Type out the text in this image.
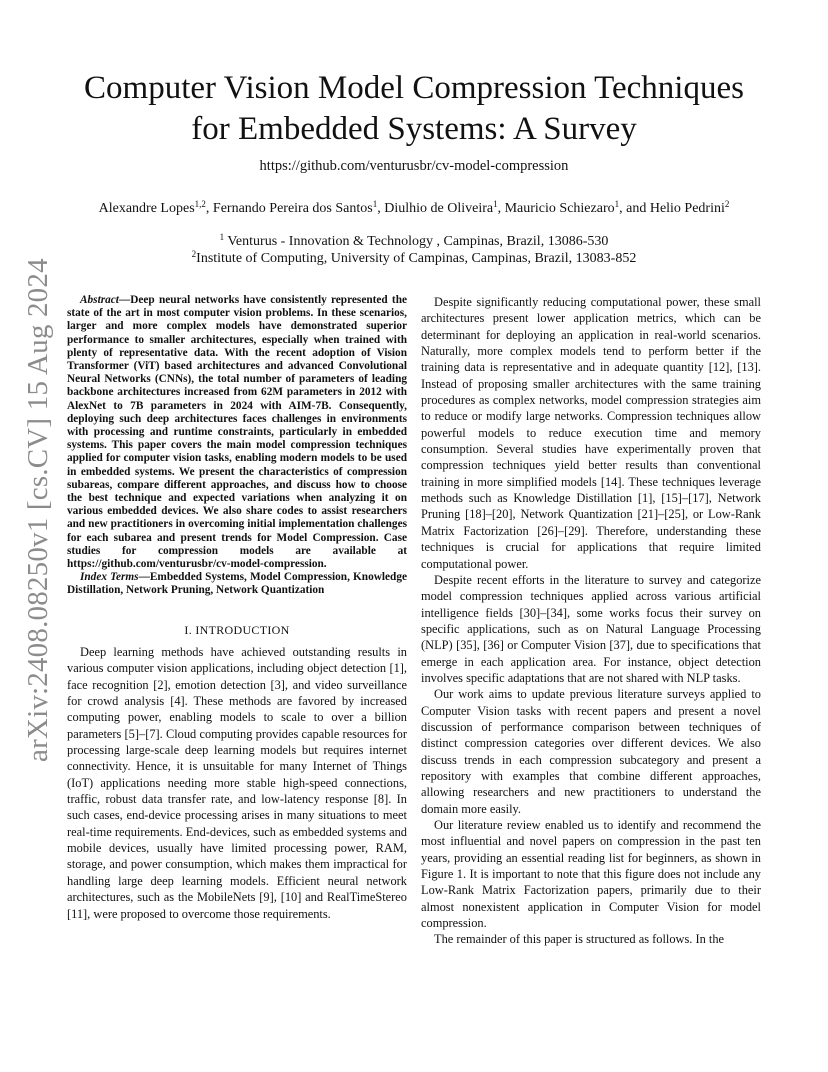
arXiv:2408.08250v1 [cs.CV] 15 Aug 2024
Computer Vision Model Compression Techniques
for Embedded Systems: A Survey
https://github.com/venturusbr/cv-model-compression
Alexandre Lopes$^{1,2}$, Fernando Pereira dos Santos$^1$, Diulhio de Oliveira$^1$, Mauricio Schiezaro$^1$, and Helio Pedrini$^2$
$^1$ Venturus - Innovation & Technology , Campinas, Brazil, 13086-530
$^2$Institute of Computing, University of Campinas, Campinas, Brazil, 13083-852

Abstract—Deep neural networks have consistently represented the state of the art in most computer vision problems. In these scenarios, larger and more complex models have demonstrated superior performance to smaller architectures, especially when trained with plenty of representative data. With the recent adoption of Vision Transformer (ViT) based architectures and advanced Convolutional Neural Networks (CNNs), the total number of parameters of leading backbone architectures increased from 62M parameters in 2012 with AlexNet to 7B parameters in 2024 with AIM-7B. Consequently, deploying such deep architectures faces challenges in environments with processing and runtime constraints, particularly in embedded systems. This paper covers the main model compression techniques applied for computer vision tasks, enabling modern models to be used in embedded systems. We present the characteristics of compression subareas, compare different approaches, and discuss how to choose the best technique and expected variations when analyzing it on various embedded devices. We also share codes to assist researchers and new practitioners in overcoming initial implementation challenges for each subarea and present trends for Model Compression. Case studies for compression models are available at https://github.com/venturusbr/cv-model-compression.

Index Terms—Embedded Systems, Model Compression, Knowledge Distillation, Network Pruning, Network Quantization

I. INTRODUCTION

Deep learning methods have achieved outstanding results in various computer vision applications, including object detection [1], face recognition [2], emotion detection [3], and video surveillance for crowd analysis [4]. These methods are favored by increased computing power, enabling models to scale to over a billion parameters [5]–[7]. Cloud computing provides capable resources for processing large-scale deep learning models but requires internet connectivity. Hence, it is unsuitable for many Internet of Things (IoT) applications needing more stable high-speed connections, traffic, robust data transfer rate, and low-latency response [8]. In such cases, end-device processing arises in many situations to meet real-time requirements. End-devices, such as embedded systems and mobile devices, usually have limited processing power, RAM, storage, and power consumption, which makes them impractical for handling large deep learning models. Efficient neural network architectures, such as the MobileNets [9], [10] and RealTimeStereo [11], were proposed to overcome those requirements.

Despite significantly reducing computational power, these small architectures present lower application metrics, which can be determinant for deploying an application in real-world scenarios. Naturally, more complex models tend to perform better if the training data is representative and in adequate quantity [12], [13]. Instead of proposing smaller architectures with the same training procedures as complex networks, model compression strategies aim to reduce or modify large networks. Compression techniques allow powerful models to reduce execution time and memory consumption. Several studies have experimentally proven that compression techniques yield better results than conventional training in more simplified models [14]. These techniques leverage methods such as Knowledge Distillation [1], [15]–[17], Network Pruning [18]–[20], Network Quantization [21]–[25], or Low-Rank Matrix Factorization [26]–[29]. Therefore, understanding these techniques is crucial for applications that require limited computational power.

Despite recent efforts in the literature to survey and categorize model compression techniques applied across various artificial intelligence fields [30]–[34], some works focus their survey on specific applications, such as on Natural Language Processing (NLP) [35], [36] or Computer Vision [37], due to specifications that emerge in each application area. For instance, object detection involves specific adaptations that are not shared with NLP tasks.

Our work aims to update previous literature surveys applied to Computer Vision tasks with recent papers and present a novel discussion of performance comparison between techniques of distinct compression categories over different devices. We also discuss trends in each compression subcategory and present a repository with examples that combine different approaches, allowing researchers and new practitioners to understand the domain more easily.

Our literature review enabled us to identify and recommend the most influential and novel papers on compression in the past ten years, providing an essential reading list for beginners, as shown in Figure 1. It is important to note that this figure does not include any Low-Rank Matrix Factorization papers, primarily due to their almost nonexistent application in Computer Vision for model compression.

The remainder of this paper is structured as follows. In the
